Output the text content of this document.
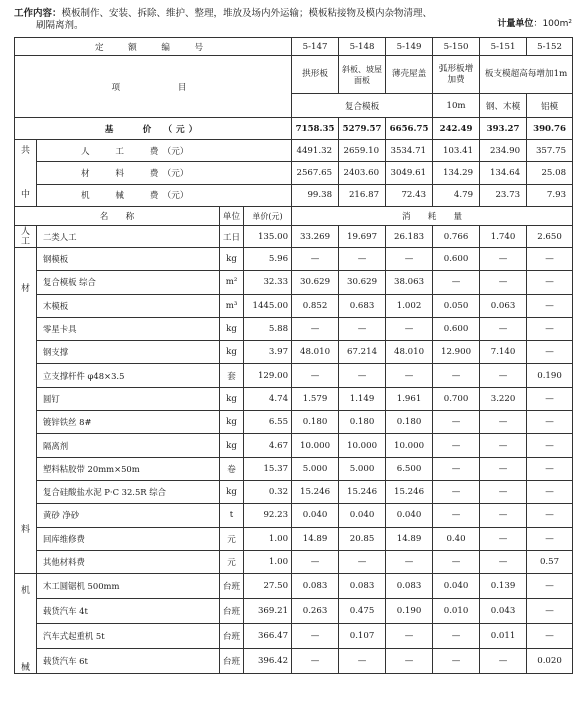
工作内容：模板制作、安装、拆除、维护、整理，堆放及场内外运输；模板粘接物及模内杂物清理、
刷隔离剂。	计量单位：100m²
定　额　编　号				5-147	5-148	5-149	5-150	5-151	5-152
项　　　目				拱形板	斜板、坡屋面板	薄壳屋盖	弧形板增加费	板支模超高每增加1m	
				复合模板			10m	钢、木模	铝模
基　　价　（元）				7158.35	5279.57	6656.75	242.49	393.27	390.76

共
中	人　　　工　　　费　（元）			4491.32	2659.10	3534.71	103.41	234.90	357.75
	材　　　料　　　费　（元）			2567.65	2403.60	3049.61	134.29	134.64	25.08
	机　　　械　　　费　（元）			99.38	216.87	72.43	4.79	23.73	7.93
名　　称		单位	单价(元)	消　　耗　　量					
人工	二类人工	工日	135.00	33.269	19.697	26.183	0.766	1.740	2.650

材
料	钢模板	kg	5.96	—	—	—	0.600	—	—
	复合模板 综合	m²	32.33	30.629	30.629	38.063	—	—	—
	木模板	m³	1445.00	0.852	0.683	1.002	0.050	0.063	—
	零星卡具	kg	5.88	—	—	—	0.600	—	—
	钢支撑	kg	3.97	48.010	67.214	48.010	12.900	7.140	—
	立支撑杆件 φ48×3.5	套	129.00	—	—	—	—	—	0.190
	圆钉	kg	4.74	1.579	1.149	1.961	0.700	3.220	—
	镀锌铁丝 8#	kg	6.55	0.180	0.180	0.180	—	—	—
	隔离剂	kg	4.67	10.000	10.000	10.000	—	—	—
	塑料粘胶带 20mm×50m	卷	15.37	5.000	5.000	6.500	—	—	—
	复合硅酸盐水泥 P·C 32.5R 综合	kg	0.32	15.246	15.246	15.246	—	—	—
	黄砂 净砂	t	92.23	0.040	0.040	0.040	—	—	—
	回库维修费	元	1.00	14.89	20.85	14.89	0.40	—	—
	其他材料费	元	1.00	—	—	—	—	—	0.57

机
械	木工圆锯机 500mm	台班	27.50	0.083	0.083	0.083	0.040	0.139	—
	载货汽车 4t	台班	369.21	0.263	0.475	0.190	0.010	0.043	—
	汽车式起重机 5t	台班	366.47	—	0.107	—	—	0.011	—
	载货汽车 6t	台班	396.42	—	—	—	—	—	0.020
